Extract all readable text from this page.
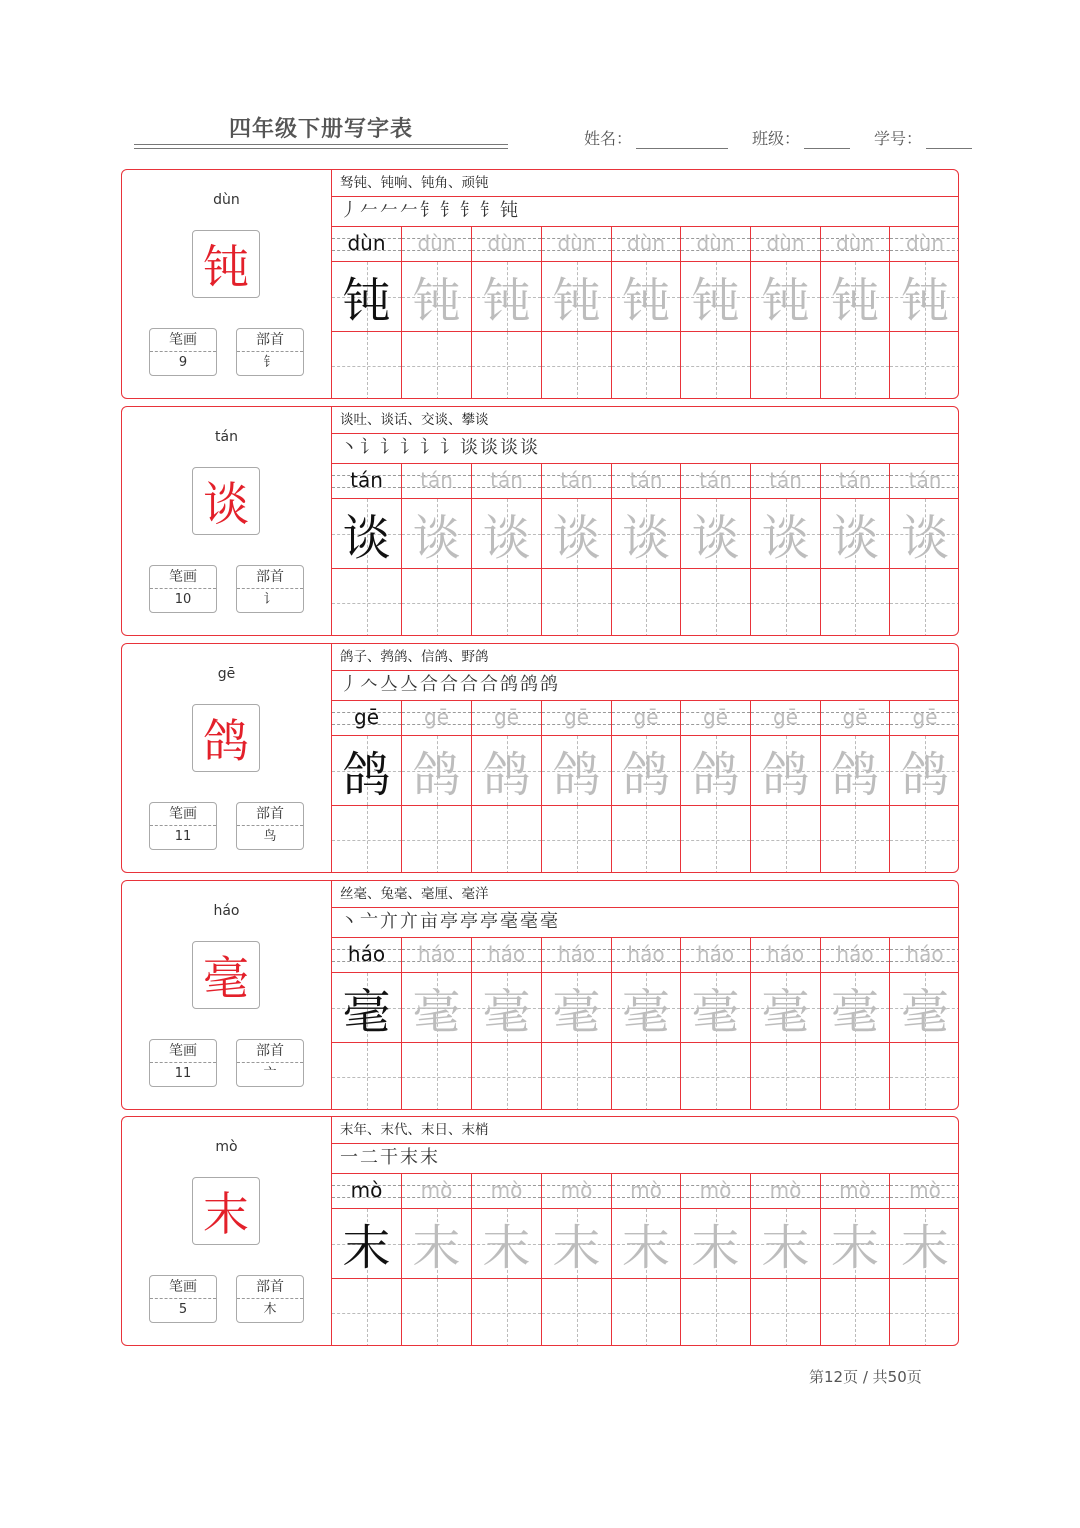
四年级下册写字表	姓名：	班级：	学号：
dùn
钝
笔画
9
部首
钅
驽钝、钝响、钝角、顽钝
丿𠂉𠂉𠂉钅钅钅钅钝
dùn
钝
dùn
钝
dùn
钝
dùn
钝
dùn
钝
dùn
钝
dùn
钝
dùn
钝
dùn
钝
tán
谈
笔画
10
部首
讠
谈吐、谈话、交谈、攀谈
丶讠讠讠讠讠谈谈谈谈
tán
谈
tán
谈
tán
谈
tán
谈
tán
谈
tán
谈
tán
谈
tán
谈
tán
谈
gē
鸽
笔画
11
部首
鸟
鸽子、鹁鸽、信鸽、野鸽
丿𠆢亼亼合合合合鸽鸽鸽
gē
鸽
gē
鸽
gē
鸽
gē
鸽
gē
鸽
gē
鸽
gē
鸽
gē
鸽
gē
鸽
háo
毫
笔画
11
部首
亠
丝毫、兔毫、毫厘、毫洋
丶亠亣亣亩亭亭亭毫毫毫
háo
毫
háo
毫
háo
毫
háo
毫
háo
毫
háo
毫
háo
毫
háo
毫
háo
毫
mò
末
笔画
5
部首
木
末年、末代、末日、末梢
一二干末末
mò
末
mò
末
mò
末
mò
末
mò
末
mò
末
mò
末
mò
末
mò
末
第12页 / 共50页
